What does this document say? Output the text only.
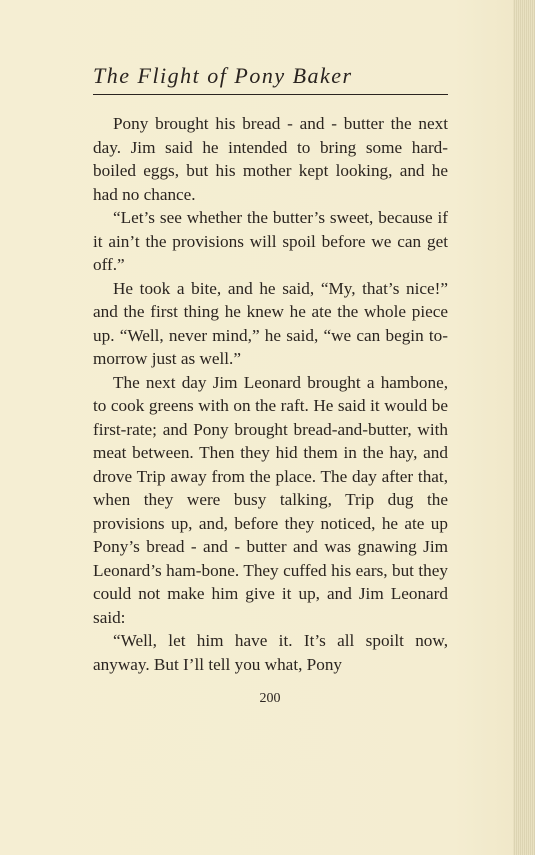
The Flight of Pony Baker

Pony brought his bread - and - butter the next day. Jim said he intended to bring some hard-boiled eggs, but his mother kept looking, and he had no chance.

“Let’s see whether the butter’s sweet, because if it ain’t the provisions will spoil before we can get off.”

He took a bite, and he said, “My, that’s nice!” and the first thing he knew he ate the whole piece up. “Well, never mind,” he said, “we can begin to-morrow just as well.”

The next day Jim Leonard brought a hambone, to cook greens with on the raft. He said it would be first-rate; and Pony brought bread-and-butter, with meat between. Then they hid them in the hay, and drove Trip away from the place. The day after that, when they were busy talking, Trip dug the provisions up, and, before they noticed, he ate up Pony’s bread - and - butter and was gnawing Jim Leonard’s ham-bone. They cuffed his ears, but they could not make him give it up, and Jim Leonard said:

“Well, let him have it. It’s all spoilt now, anyway. But I’ll tell you what, Pony

200
